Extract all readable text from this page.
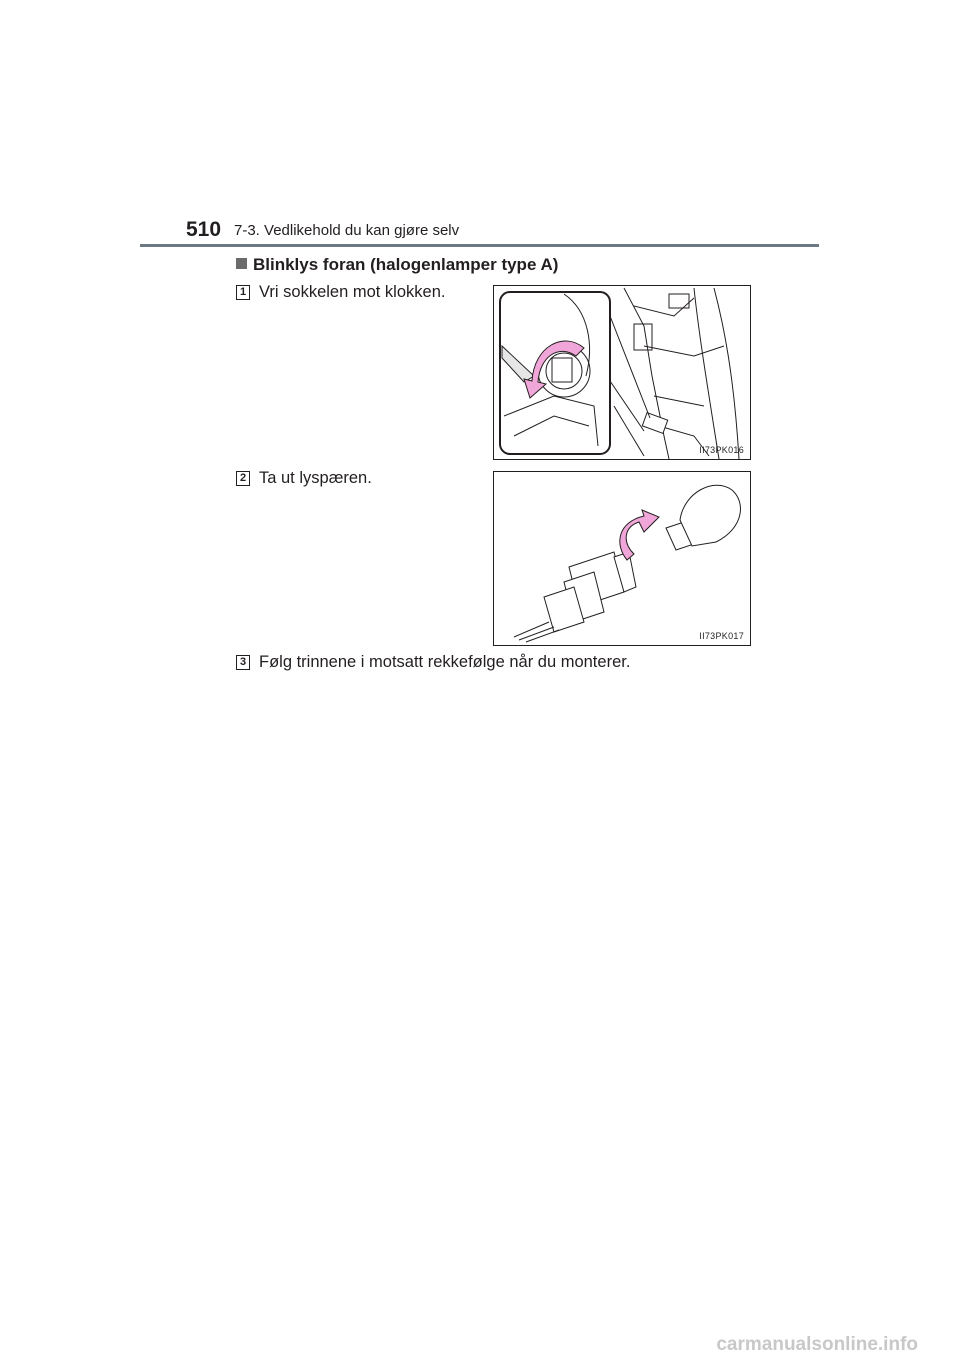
510 7-3. Vedlikehold du kan gjøre selv
Blinklys foran (halogenlamper type A)
1 Vri sokkelen mot klokken.
II73PK016
2 Ta ut lyspæren.
II73PK017
3 Følg trinnene i motsatt rekkefølge når du monterer.
carmanualsonline.info
